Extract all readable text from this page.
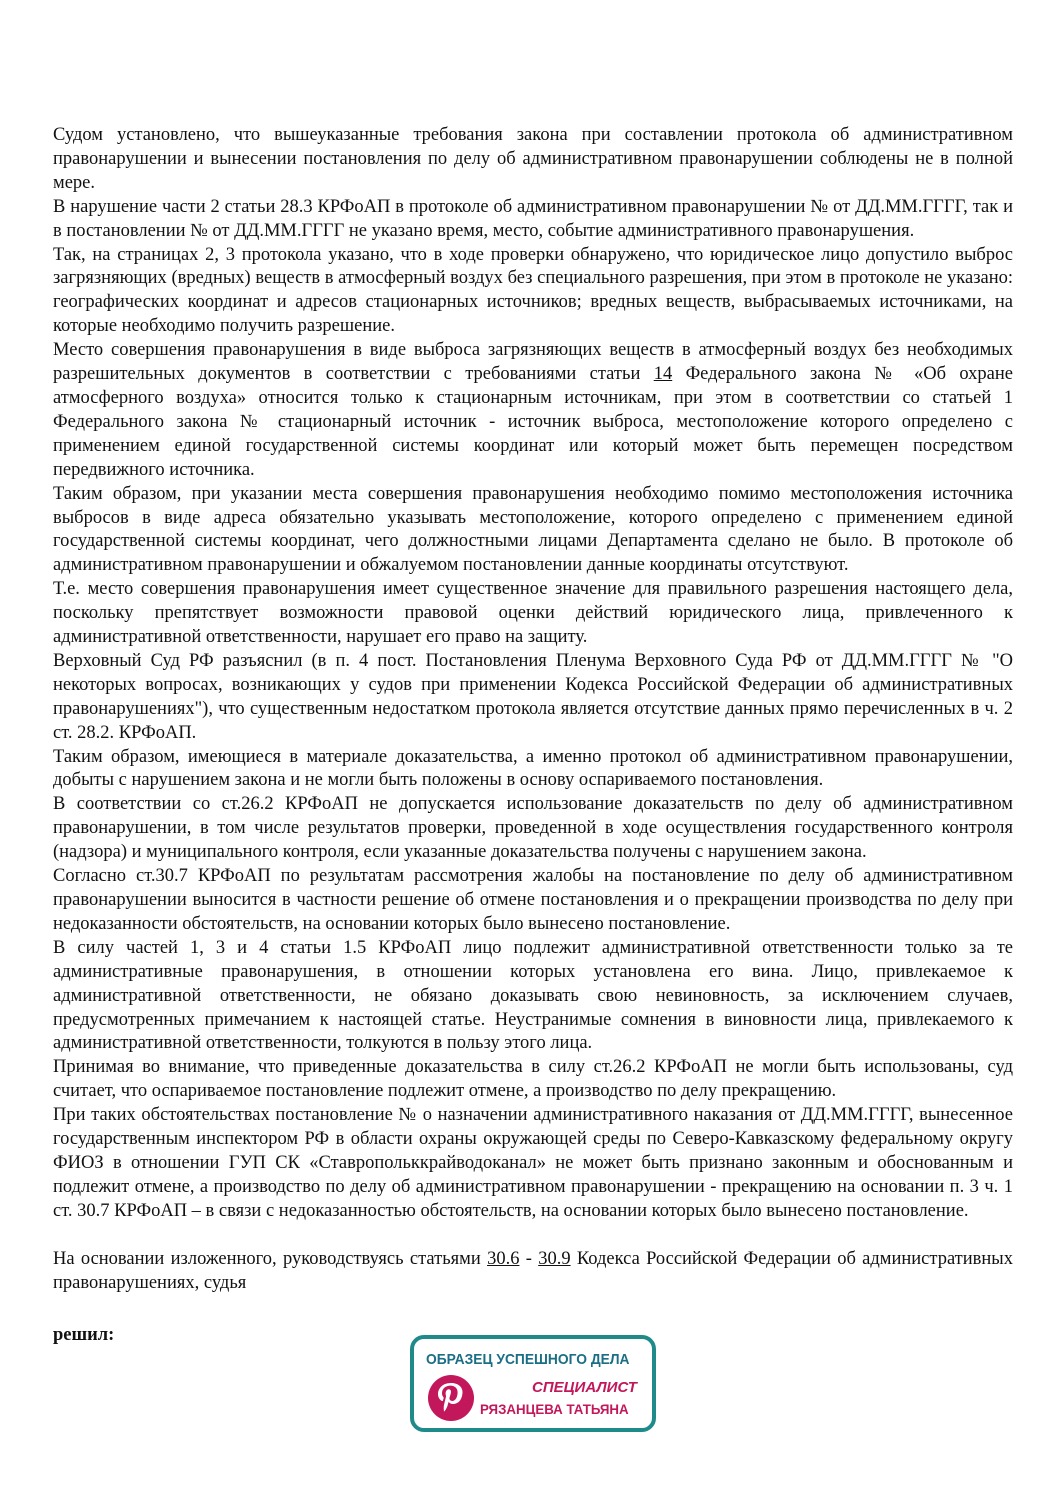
Судом установлено, что вышеуказанные требования закона при составлении протокола об административном правонарушении и вынесении постановления по делу об административном правонарушении соблюдены не в полной мере.

В нарушение части 2 статьи 28.3 КРФоАП в протоколе об административном правонарушении № от ДД.ММ.ГГГГ, так и в постановлении № от ДД.ММ.ГГГГ не указано время, место, событие административного правонарушения.

Так, на страницах 2, 3 протокола указано, что в ходе проверки обнаружено, что юридическое лицо допустило выброс загрязняющих (вредных) веществ в атмосферный воздух без специального разрешения, при этом в протоколе не указано: географических координат и адресов стационарных источников; вредных веществ, выбрасываемых источниками, на которые необходимо получить разрешение.

Место совершения правонарушения в виде выброса загрязняющих веществ в атмосферный воздух без необходимых разрешительных документов в соответствии с требованиями статьи 14 Федерального закона № «Об охране атмосферного воздуха» относится только к стационарным источникам, при этом в соответствии со статьей 1 Федерального закона № стационарный источник - источник выброса, местоположение которого определено с применением единой государственной системы координат или который может быть перемещен посредством передвижного источника.

Таким образом, при указании места совершения правонарушения необходимо помимо местоположения источника выбросов в виде адреса обязательно указывать местоположение, которого определено с применением единой государственной системы координат, чего должностными лицами Департамента сделано не было. В протоколе об административном правонарушении и обжалуемом постановлении данные координаты отсутствуют.

Т.е. место совершения правонарушения имеет существенное значение для правильного разрешения настоящего дела, поскольку препятствует возможности правовой оценки действий юридического лица, привлеченного к административной ответственности, нарушает его право на защиту.

Верховный Суд РФ разъяснил (в п. 4 пост. Постановления Пленума Верховного Суда РФ от ДД.ММ.ГГГГ № "О некоторых вопросах, возникающих у судов при применении Кодекса Российской Федерации об административных правонарушениях"), что существенным недостатком протокола является отсутствие данных прямо перечисленных в ч. 2 ст. 28.2. КРФоАП.

Таким образом, имеющиеся в материале доказательства, а именно протокол об административном правонарушении, добыты с нарушением закона и не могли быть положены в основу оспариваемого постановления.

В соответствии со ст.26.2 КРФоАП не допускается использование доказательств по делу об административном правонарушении, в том числе результатов проверки, проведенной в ходе осуществления государственного контроля (надзора) и муниципального контроля, если указанные доказательства получены с нарушением закона.

Согласно ст.30.7 КРФоАП по результатам рассмотрения жалобы на постановление по делу об административном правонарушении выносится в частности решение об отмене постановления и о прекращении производства по делу при недоказанности обстоятельств, на основании которых было вынесено постановление.

В силу частей 1, 3 и 4 статьи 1.5 КРФоАП лицо подлежит административной ответственности только за те административные правонарушения, в отношении которых установлена его вина. Лицо, привлекаемое к административной ответственности, не обязано доказывать свою невиновность, за исключением случаев, предусмотренных примечанием к настоящей статье. Неустранимые сомнения в виновности лица, привлекаемого к административной ответственности, толкуются в пользу этого лица.

Принимая во внимание, что приведенные доказательства в силу ст.26.2 КРФоАП не могли быть использованы, суд считает, что оспариваемое постановление подлежит отмене, а производство по делу прекращению.

При таких обстоятельствах постановление № о назначении административного наказания от ДД.ММ.ГГГГ, вынесенное государственным инспектором РФ в области охраны окружающей среды по Северо-Кавказскому федеральному округу ФИОЗ в отношении ГУП СК «Ставропольккрайводоканал» не может быть признано законным и обоснованным и подлежит отмене, а производство по делу об административном правонарушении - прекращению на основании п. 3 ч. 1 ст. 30.7 КРФоАП – в связи с недоказанностью обстоятельств, на основании которых было вынесено постановление.

На основании изложенного, руководствуясь статьями 30.6 - 30.9 Кодекса Российской Федерации об административных правонарушениях, судья

решил:

ОБРАЗЕЦ УСПЕШНОГО ДЕЛА
СПЕЦИАЛИСТ
РЯЗАНЦЕВА ТАТЬЯНА
